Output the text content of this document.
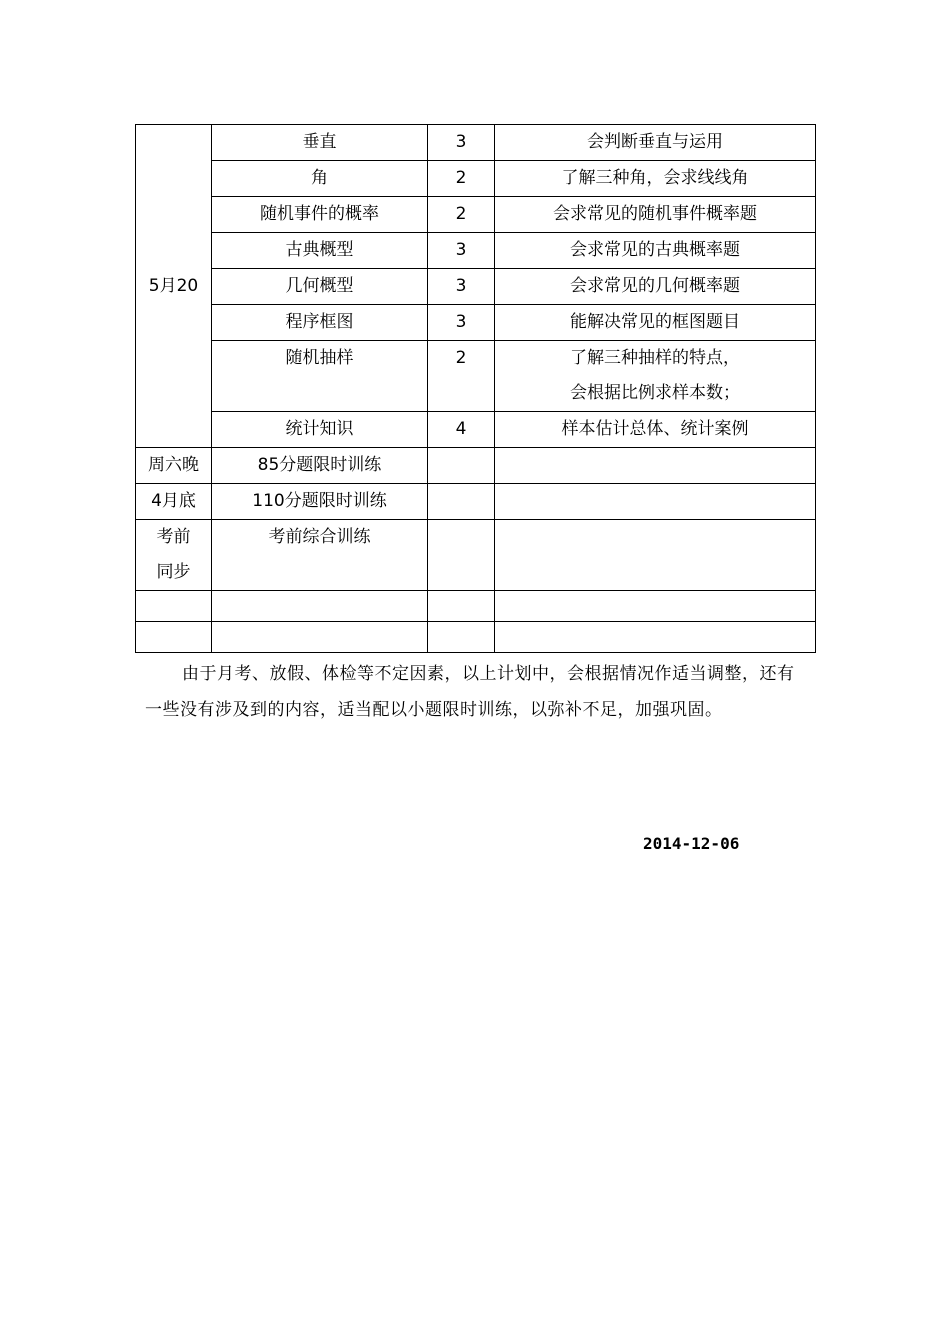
5月20	垂直	3	会判断垂直与运用

	角	2	了解三种角，会求线线角

	随机事件的概率	2	会求常见的随机事件概率题

	古典概型	3	会求常见的古典概率题

	几何概型	3	会求常见的几何概率题

	程序框图	3	能解决常见的框图题目

	随机抽样	2	了解三种抽样的特点，
会根据比例求样本数；

	统计知识	4	样本估计总体、统计案例

周六晚	85分题限时训练		

4月底	110分题限时训练		

考前
同步	考前综合训练		

由于月考、放假、体检等不定因素，以上计划中，会根据情况作适当调整，还有一些没有涉及到的内容，适当配以小题限时训练，以弥补不足，加强巩固。

2014-12-06
